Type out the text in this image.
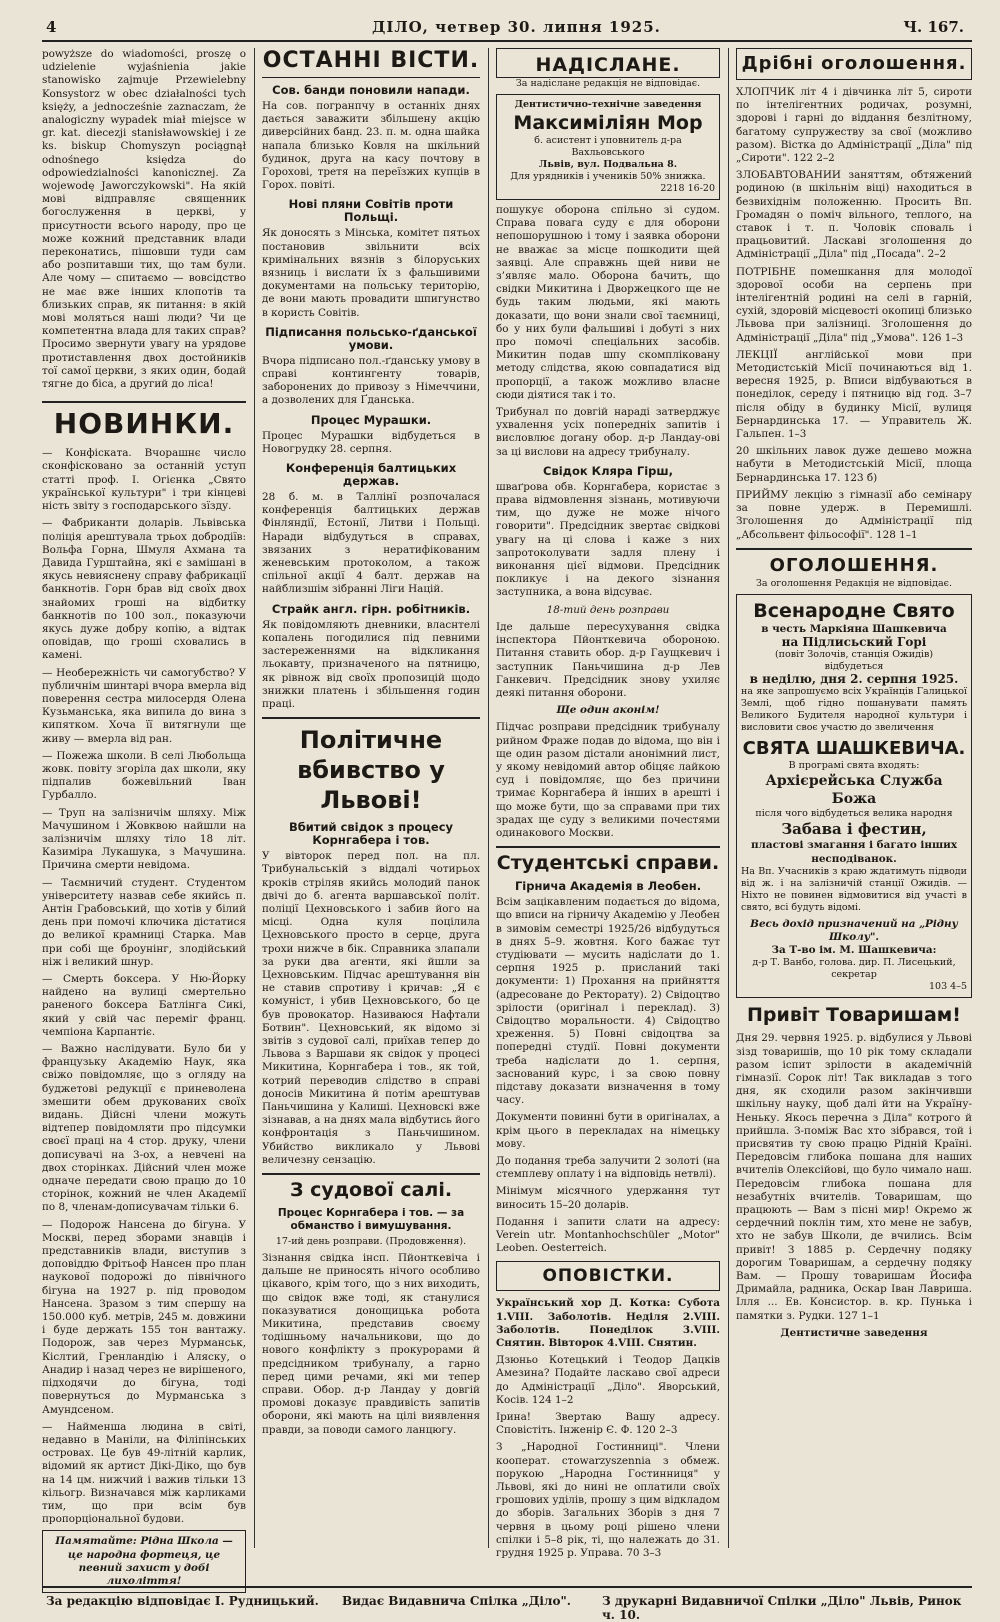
4	ДІЛО, четвер 30. липня 1925.	Ч. 167.

powyższe do wiadomości, proszę o udzielenie wyjaśnienia jakie stanowisko zajmuje Przewielebny Konsystorz w obec działalności tych księży, a jednocześnie zaznaczam, że analogiczny wypadek miał miejsce w gr. kat. diecezji stanisławowskiej i ze ks. biskup Chomyszyn pociągnął odnośnego księdza do odpowiedzialności kanonicznej. Za wojewodę Jaworczykowski". На якій мові відправляє священник богослуження в церкві, у присутности всього народу, про це може кожний представник влади переконатись, пішовши туди сам або розпитавши тих, що там були. Але чому — спитаємо — вовсідство не має вже інших клопотів та близьких справ, як питання: в якій мові моляться наші люди? Чи це компетентна влада для таких справ? Просимо звернути увагу на урядове протиставлення двох достойників тої самої церкви, з яких один, бодай тягне до біса, а другий до ліса!

НОВИНКИ.

— Конфіската. Вчорашнє число сконфісковано за останній уступ статті проф. І. Огієнка „Свято української культури" і три кінцеві ність звіту з господарського зїзду.

— Фабриканти доларів. Львівська поліція арештувала трьох добродіїв: Вольфа Горна, Шмуля Ахмана та Давида Гурштайна, які є замішані в якусь невияснену справу фабрикації банкнотів. Горн брав від своїх двох знайомих гроші на відбитку банкнотів по 100 зол., показуючи якусь дуже добру копію, а відтак оповідав, що гроші сховались в камені.

— Необережність чи самогубство? У публичнім шинтарі вчора вмерла від поверення сестра милосердя Олена Кузьманська, яка випила до вина з кипятком. Хоча її витягнули ще живу — вмерла від ран.

— Пожежа школи. В селі Любольща жовк. повіту згоріла дах школи, яку підпалив божевільний Іван Гурбалло.

— Труп на залізничім шляху. Між Мачушином і Жовквою найшли на залізничім шляху тіло 18 літ. Казиміра Лукашука, з Мачушина. Причина смерти невідома.

— Таємничий студент. Студентом університету назвав себе якийсь п. Антін Грабовський, що хотів у білий день при помочі ключика дістатися до великої крамниці Старка. Мав при собі ще броунінг, злодійський ніж і великий шнур.

— Смерть боксера. У Ню-Йорку найдено на вулиці смертельно раненого боксера Батлінга Сикі, який у свій час переміг франц. чемпіона Карпантіє.

— Важно наслідувати. Було би у французьку Академію Наук, яка свіжо повідомляє, що з огляду на буджетові редукції є приневолена змешити обем друкованих своїх видань. Дійсні члени можуть відтепер повідомляти про підсумки своєї праці на 4 стор. друку, члени дописувачі на 3-ох, а невчені на двох сторінках. Дійсний член може одначе передати свою працю до 10 сторінок, кожний не член Академії по 8, членам-дописувачам тільки 6.

— Подорож Нансена до бігуна. У Москві, перед зборами знавців і представників влади, виступив з доповіддю Фрітьоф Нансен про план наукової подорожі до північного бігуна на 1927 р. під проводом Нансена. Зразом з тим спершу на 150.000 куб. метрів, 245 м. довжини і буде держать 155 тон вантажу. Подорож, зав через Мурманськ, Кіслтий, Гренландію і Аляску, о Анадир і назад через не вирішеного, підходячи до бігуна, тоді повернуться до Мурманська з Амундсеном.

— Найменша людина в світі, недавно в Маніли, на Філіпінських островах. Це був 49-літній карлик, відомий як артист Дікі-Діко, що був на 14 цм. нижчий і важив тільки 13 кільогр. Визначався між карликами тим, що при всім був пропорціональної будови.

Памятайте: Рідна Школа — це народна фортеця, це певний захист у добі лихоліття!
ОСТАННІ ВІСТИ.
Сов. банди поновили напади.

На сов. погранпчу в останніх днях дається заважити збільшену акцію диверсійних банд. 23. п. м. одна шайка напала близько Ковля на шкільний будинок, друга на касу почтову в Горохові, третя на переїзжих купців в Горох. повіті.

Нові пляни Совітів проти Польщі.

Як доносять з Мінська, комітет пятьох постановив звільнити всіх кримінальних вязнів з білоруських вязниць і вислати їх з фальшивими документами на польську територію, де вони мають провадити шпигунство в користь Совітів.

Підписання польсько-ґданської умови.

Вчора підписано пол.-ґданську умову в справі контингенту товарів, заборонених до привозу з Німеччини, а дозволених для Ґданська.

Процес Мурашки.

Процес Мурашки відбудеться в Новогрудку 28. серпня.

Конференція балтицьких держав.

28 б. м. в Таллінї розпочалася конференція балтицьких держав Фінляндії, Естонії, Литви і Польщі. Наради відбудуться в справах, звязаних з нератифікованим женевським протоколом, а також спільної акції 4 балт. держав на найблизшім зібранні Ліги Націй.

Страйк англ. гірн. робітників.

Як повідомляють дневники, власнтелі копалень погодилися під певними застереженнями на відкликання льокавту, призначеного на пятницю, як рівнож від своїх пропозицій щодо знижки платень і збільшення годин праці.

Політичне вбивство у Львові!
Вбитий свідок з процесу Корнгабера і тов.

У вівторок перед пол. на пл. Трибунальській з віддалі чотирьох кроків стріляв якийсь молодий панок двічі до б. агента варшавської політ. поліції Цехновського і забив його на місці. Одна куля поцілила Цехновського просто в серце, друга трохи нижче в бік. Справника злапали за руки два агенти, які йшли за Цехновським. Підчас арештування він не ставив спротиву і кричав: „Я є комуніст, і убив Цехновського, бо це був провокатор. Називаюся Нафтали Ботвин". Цехновський, як відомо зі звітів з судової салі, приїхав тепер до Львова з Варшави як свідок у процесі Микитина, Корнгабера і тов., як той, котрий переводив слідство в справі доносів Микитина й потім арештував Паньчишина у Калиші. Цехновскі вже зізнавав, а на днях мала відбутись його конфронтація з Паньчишином. Убийство викликало у Львові величезну сензацію.

З судової салі.
Процес Корнгабера і тов. — за обманство і вимушування.

17-ий день розправи. (Продовження).

Зізнання свідка інсп. Пйонткевіча і дальше не приносять нічого особливо цікавого, крім того, що з них виходить, що свідок вже тоді, як станулися показуватися донощицька робота Микитина, представив своєму тодішньому начальникови, що до нового конфлікту з прокурорами й предсідником трибуналу, а гарно перед цими речами, які ми тепер справи. Обор. д-р Ландау у довгій промові доказує правдивість запитів оборони, які мають на цілі виявлення правди, за поводи самого ланцюгу.

НАДІСЛАНЕ.

За надіслане редакція не відповідає.

Дентистично-технічне заведення
Максиміліян Мор
б. асистент і уповнитель д-ра Вахльовського
Львів, вул. Подвальна 8.
Для урядників і учеників 50% знижка.
2218 16-20

пошукує оборона спільно зі судом. Справа повага суду є для оборони непошорушною і тому і заявка оборони не вважає за місце пошкодити щей заявці. Але справжнь щей ниви не з’являє мало. Оборона бачить, що свідки Микитина і Дворжецкого ще не будь таким людьми, які мають доказати, що вони знали свої таємниці, бо у них були фальшиві і добуті з них про помочі спеціальних засобів. Микитин подав шпу скомпліковану методу слідства, якою совпадатися від пропорції, а також можливо власне сюди діятися так і то.

Трибунал по довгій нараді затверджує ухвалення усіх попередніх запитів і висловлює догану обор. д-р Ландау-ові за ці вислови на адресу трибуналу.

Свідок Кляра Гірш,

шваґрова обв. Корнгабера, користає з права відмовлення зізнань, мотивуючи тим, що дуже не може нічого говорити". Предсідник звертає свідкові увагу на ці слова і каже з них запротоколувати задля плену і виконання цієї відмови. Предсідник покликує і на декого зізнання заступника, а вона відсуває.

18-тий день розправи

Іде дальше пересухування свідка інспектора Пйонткевича обороною. Питання ставить обор. д-р Гаущкевич і заступник Паньчишина д-р Лев Ганкевич. Предсідник знову ухиляє деякі питання оборони.

Ще один аконім!

Підчас розправи предсідник трибуналу рийном Фраже подав до відома, що він і ще один разом дістали анонімний лист, у якому невідомий автор обіцяє лайкою суд і повідомляє, що без причини тримає Корнгабера й інших в арешті і що може бути, що за справами при тих зрадах ще суду з великими почестями одинакового Москви.

Студентські справи.
Гірнича Академія в Леобен.

Всім зацікавленим подається до відома, що вписи на гірничу Академію у Леобен в зимовім семестрі 1925/26 відбудуться в днях 5–9. жовтня. Кого бажає тут студіювати — мусить надіслати до 1. серпня 1925 р. присланий такі документи: 1) Прохання на прийняття (адресоване до Ректорату). 2) Свідоцтво зрілости (оригінал і переклад). 3) Свідоцтво моральности. 4) Свідоцтво хреження. 5) Повні свідоцтва за попередні студії. Повні документи треба надіслати до 1. серпня, заснований курс, і за свою повну підставу доказати визначення в тому часу.

Документи повинні бути в оригіналах, а крім цього в перекладах на німецьку мову.

До подання треба залучити 2 золоті (на стемплеву оплату і на відповідь нетвлі).

Мінімум місячного удержання тут виносить 15–20 доларів.

Подання і запити слати на адресу: Verein utr. Montanhochschüler „Motor" Leoben. Oesterreich.

ОПОВІСТКИ.

Український хор Д. Котка: Субота 1.VIII. Заболотів. Неділя 2.VIII. Заболотів. Понеділок 3.VIII. Снятин. Вівторок 4.VIII. Снятин.

Дзюньо Котецький і Теодор Дацків Амезина? Подайте ласкаво свої адреси до Адміністрації „Діло". Яворський, Косів. 124 1–2

Ірина! Звертаю Вашу адресу. Сповістіть. Інженір Є. Ф. 120 2–3

З „Народної Гостинниці". Члени кооперат. стowarzyszennia з обмеж. порукою „Народна Гостинниця" у Львові, які до нині не оплатили своїх грошових уділів, прошу з цим відкладом до зборів. Загальних Зборів з дня 7 червня в цьому році рішено члени спілки і 5–8 рік, ті, що належать до 31. грудня 1925 р. Управа. 70 3–3

Дрібні оголошення.

ХЛОПЧИК літ 4 і дівчинка літ 5, сироти по інтелігентних родичах, розумні, здорові і гарні до віддання безлітному, багатому супружеству за свої (можливо разом). Вістка до Адміністрації „Діла" під „Сироти". 122 2–2

ЗЛОБАВТОВАНИИ заняттям, обтяжений родиною (в шкільнім віці) находиться в безвихіднім положенню. Просить Вп. Громадян о поміч вільного, теплого, на ставок і т. п. Чоловік споваль і працьовитий. Ласкаві зголошення до Адміністрації „Діла" під „Посада". 2–2

ПОТРІБНЕ помешкання для молодої здорової особи на серпень при інтелігентній родині на селі в гарній, сухій, здоровій місцевості окопиці близько Львова при залізниці. Зголошення до Адміністрації „Діла" під „Умова". 126 1–3

ЛЕКЦІЇ англійської мови при Методистській Місії починаються від 1. вересня 1925, р. Вписи відбуваються в понеділок, середу і пятницю від год. 3–7 після обіду в будинку Місії, вулиця Бернардинська 17. — Управитель Ж. Гальпен. 1–3

20 шкільних лавок дуже дешево можна набути в Методистській Місії, площа Бернардинська 17. 123 б)

ПРИЙМУ лекцію з гімназії або семінару за повне удерж. в Перемишлі. Зголошення до Адміністрації під „Абсольвент фільософії". 128 1–1

ОГОЛОШЕННЯ.

За оголошення Редакція не відповідає.

Всенародне Свято
в честь Маркіяна Шашкевича
на Підлисьский Горі
(повіт Золочів, станція Ожидів)
відбудеться
в неділю, дня 2. серпня 1925.

на яке запрошуємо всіх Українців Галицької Землі, щоб гідно пошанувати память Великого Будителя народної культури і висловити своє участю до звеличення

СВЯТА ШАШКЕВИЧА.
В програмі свята входять:
Архієрейська Служба Божа
після чого відбудеться велика народня
Забава і фестин,
пластові змагання і багато інших несподіванок.

На Вп. Учасників з краю ждатимуть підводи від ж. і на залізничій станції Ожидів. — Ніхто не повинен відмовитися від участі в свято, всі будуть відомі.

Весь дохід призначений на „Рідну Школу".
За Т-во ім. М. Шашкевича:
д-р Т. Ванбо, голова. дир. П. Лисецький, секретар
103 4–5
Привіт Товаришам!

Дня 29. червня 1925. р. відбулися у Львові зізд товаришів, що 10 рік тому складали разом іспит зрілости в академічній гімназії. Сорок літ! Так викладав з того дня, як сходили разом закінчивши шкільну науку, щоб далі йти на Україну-Неньку. Якось перечна з Діла" котрого й прийшла. З-поміж Вас хто зібрався, той і присвятив ту свою працю Рідній Країні. Передовсім глибока пошана для наших вчителів Олексійові, що було чимало наш. Передовсім глибока пошана для незабутніх вчителів. Товаришам, що працюють — Вам з пісні мир! Окремо ж сердечний поклін тим, хто мене не забув, хто не забув Школи, де вчились. Всім привіт! З 1885 р. Сердечну подяку дорогим Товаришам, а сердечну подяку Вам. — Прошу товаришам Йосифа Дримайла, радника, Оскар Іван Лавриша. Ілля ... Ев. Консистор. в. кр. Пунька і памятки з. Рудки. 127 1–1

Дентистичне заведення

За редакцію відповідає І. Рудницький. Видає Видавнича Спілка „Діло".	З друкарні Видавничої Спілки „Діло" Львів, Ринок ч. 10.
